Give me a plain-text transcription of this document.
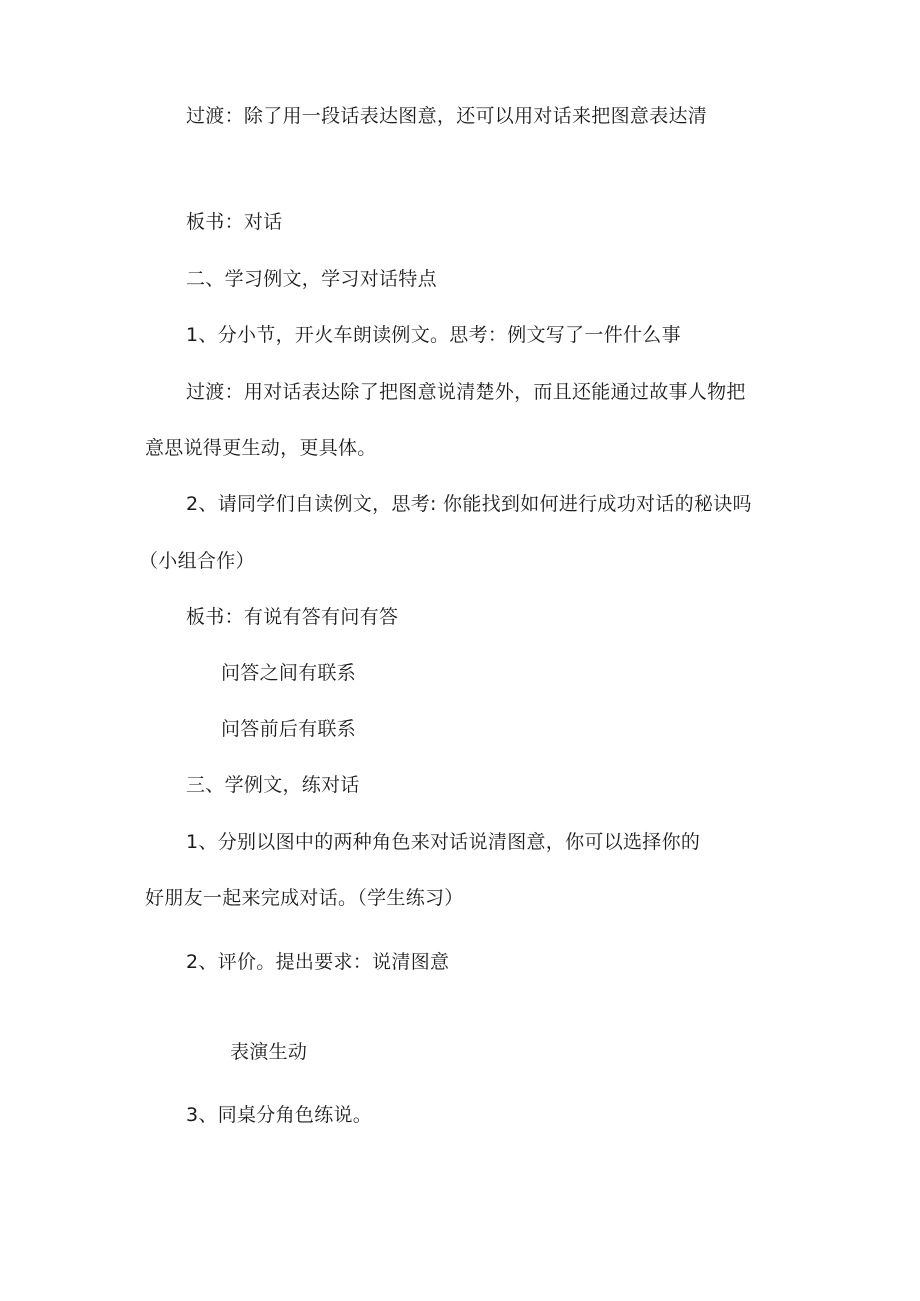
过渡：除了用一段话表达图意，还可以用对话来把图意表达清
板书：对话
二、学习例文，学习对话特点
1、分小节，开火车朗读例文。思考：例文写了一件什么事
过渡：用对话表达除了把图意说清楚外，而且还能通过故事人物把
意思说得更生动，更具体。
2、请同学们自读例文，思考: 你能找到如何进行成功对话的秘诀吗
（小组合作）
板书：有说有答有问有答
问答之间有联系
问答前后有联系
三、学例文，练对话
1、分别以图中的两种角色来对话说清图意，你可以选择你的
好朋友一起来完成对话。（学生练习）
2、评价。提出要求：说清图意
表演生动
3、同桌分角色练说。
